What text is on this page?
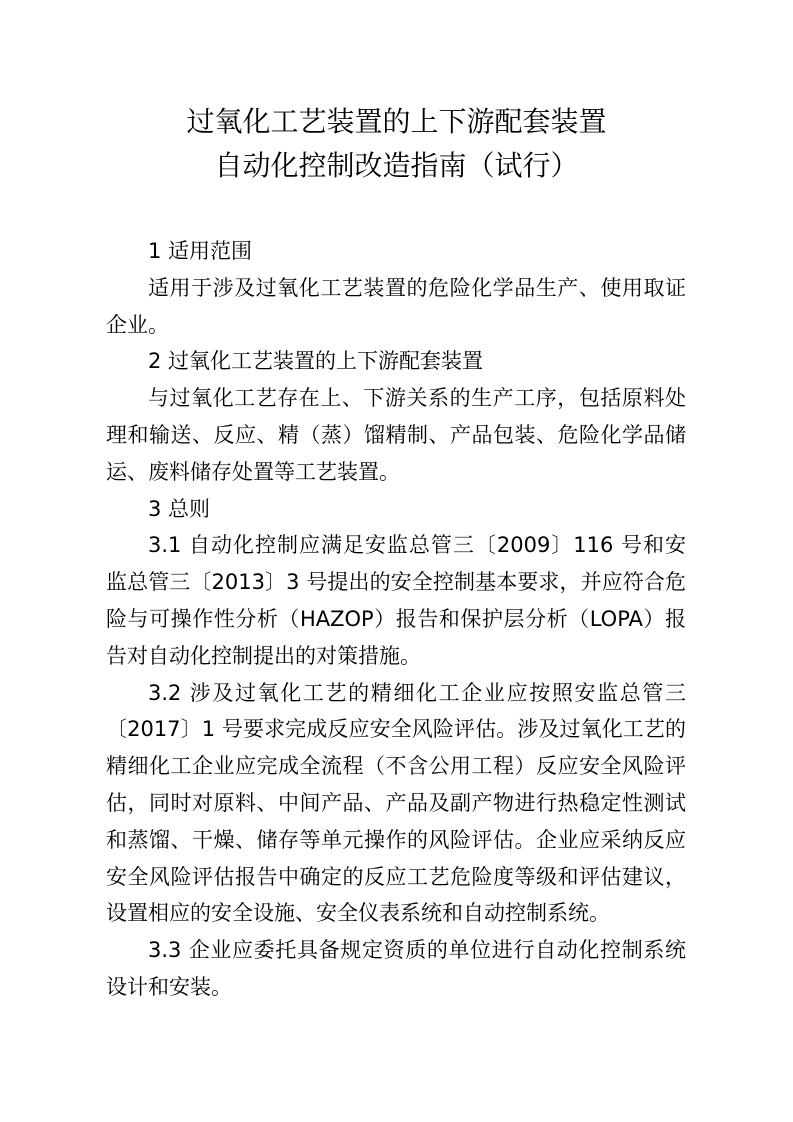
过氧化工艺装置的上下游配套装置
自动化控制改造指南（试行）

1 适用范围

适用于涉及过氧化工艺装置的危险化学品生产、使用取证企业。

2 过氧化工艺装置的上下游配套装置

与过氧化工艺存在上、下游关系的生产工序，包括原料处理和输送、反应、精（蒸）馏精制、产品包装、危险化学品储运、废料储存处置等工艺装置。

3 总则

3.1 自动化控制应满足安监总管三〔2009〕116 号和安监总管三〔2013〕3 号提出的安全控制基本要求，并应符合危险与可操作性分析（HAZOP）报告和保护层分析（LOPA）报告对自动化控制提出的对策措施。

3.2 涉及过氧化工艺的精细化工企业应按照安监总管三〔2017〕1 号要求完成反应安全风险评估。涉及过氧化工艺的精细化工企业应完成全流程（不含公用工程）反应安全风险评估，同时对原料、中间产品、产品及副产物进行热稳定性测试和蒸馏、干燥、储存等单元操作的风险评估。企业应采纳反应安全风险评估报告中确定的反应工艺危险度等级和评估建议，设置相应的安全设施、安全仪表系统和自动控制系统。

3.3 企业应委托具备规定资质的单位进行自动化控制系统设计和安装。
